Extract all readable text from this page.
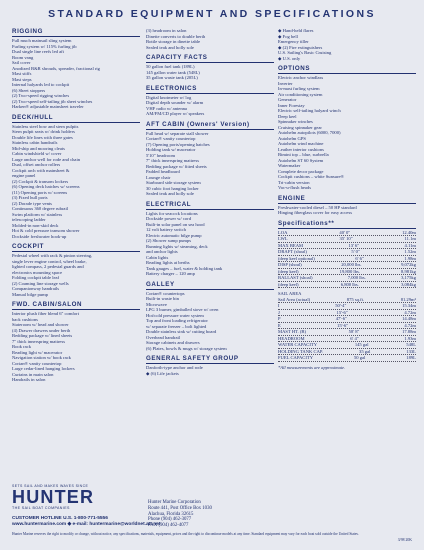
STANDARD EQUIPMENT AND SPECIFICATIONS
RIGGING
Full much mainsail sling system
Furling system w/ 115% furling jib
Dual single line reefs led aft
Boom vang
Sail cover
Anodized B&R shrouds, spreader, fractional rig
Mast stiffs
Mast steps
Internal halyards led to cockpit
(6) Sheet stoppers
(2) Two-speed rigging winches
(2) Two-speed self-tailing jib sheet winches
Harken® adjustable mainsheet traveler
DECK/HULL
Stainless steel bow and stern pulpits
Stern pulpit seats w/ drink holders
Double life lines with three gates
Stainless cabin handrails
Mid-ship and mooring cleats
Cabin windshield w/ cover
Large anchor well for rode and chain
Dual, offset anchor rollers
Cockpit arch with mainsheet &
engine panel
(2) Cockpit & transom lockers
(6) Opening deck hatches w/ screens
(11) Opening ports w/ screens
(3) Fixed hull ports
(2) Dorade type vents
Continuous 360 degree rubrail
Swim platform w/ stainless
telescoping ladder
Molded-in non-skid deck
Hot & cold pressure transom shower
Dockside freshwater hook-up
COCKPIT
Pedestal wheel with rack & pinion steering,
single lever engine control, wheel brake,
lighted compass, 2 pedestal guards and
electronics mounting space
Folding cockpit table leaf
(2) Coaming line storage wells
Companionway handrails
Manual bilge pump
FWD. CABIN/SALON
Interior plush fiber blend 6" comfort
back cushions
Stateroom w/ head and shower
(4) Drawer drawers under berth
Bedding package w/ lined sheets
7" thick innerspring mattress
Book rack
Reading light w/ macerator
Navigation station w/ book rack
Corian® vanity countertop
Large cedar-lined hanging lockers
Curtains in main salon
Handrails in salon
(3) headroom in salon
Dinette converts to double berth
Bottle storage in dinette table
Sealed teak and holly sole
CAPACITY FACTS
50 gallon fuel tank (189L)
145 gallon water tank (548L)
35 gallon waste tank (205L)
ELECTRONICS
Digital knotmeter w/ log
Digital depth sounder w/ alarm
VHF radio w/ antenna
AM/FM/CD player w/ speakers
AFT CABIN (Owners' Version)
Full head w/ separate stall shower
Corian® vanity countertop
(7) Opening ports/opening hatches
Holding tank w/ macerator
5'10" headroom
7" thick innerspring mattress
Bedding package w/ fitted sheets
Padded headboard
Lounge chair
Starboard side storage system
30 cubic foot hanging locker
Sealed teak and holly sole
ELECTRICAL
Lights for seacock locations
Dockside power w/ cord
Built-in solar panel on sea hood
12 volt battery switch
Electric automatic bilge pump
(2) Shower sump pumps
Running lights w/ steaming, deck
and anchor lights
Cabin lights
Reading lights at berths
Tank gauges – fuel, water & holding tank
Battery charger – 120 amp
GALLEY
Corian® countertops
Built-in waste bin
Microwave
LPG 3 burner, gimballed stove w/ oven
Hot/cold pressure water system
Top and front loading refrigerator
w/ separate freezer – bolt lighted
Double stainless sink w/ cutting board
Overhead handrail
Storage cabinets and drawers
(6) Plates, bowls & mugs w/ storage system
GENERAL SAFETY GROUP
Danforth-type anchor and rode
◆ (6) Life jackets
◆ Hand-held flares
◆ Fog bell
Emergency tiller
◆ (2) Fire extinguishers
U.S. Sailing's Basic Cruising
◆ U.S. only
OPTIONS
Electric anchor windlass
Inverter
In-mast furling system
Air conditioning system
Generator
Inner Forestay
Electric self-tailing halyard winch
Deep keel
Spinnaker winches
Cruising spinnaker gear
Autohelm autopilots (6000, 7000)
Autohelm GPS
Autohelm wind machine
Leather interior cushions
Bimini top – blue, surbrella
Autohelm ST 60 System
Watermaker
Complete decor package
Cockpit cushions – white Sunsure®
Tri-cabin version
Vac-u-flush heads
ENGINE
Freshwater-cooled diesel – 50 HP standard
Hinging fiberglass cover for easy access
Specifications**
LOA	40' 0"	12.40m
LWL	35' 10"	11.1m
MAX BEAM	13' 6"	4.11m
DRAFT (shoal)	5' 0"	1.52m
(deep keel optional)	6' 6"	1.98m
DISP (shoal)	20,000 lbs.	9,072kg
(deep keel)	19,800 lbs.	8,981kg
BALLAST (shoal)	7,000 lbs.	3,175kg
(deep keel)	6,800 lbs.	3,084kg
SAIL AREA
Sail Area (actual)	875 sq.ft.	81.29m²
I	50'-4"	15.34m
J	15'-6"	4.72m
P	47'-6"	14.48m
E	15'-6"	4.72m
MAST HT. (B)	58' 8"	17.88m
HEADROOM	6' 4"	1.93m
WATER CAPACITY	145 gal	548L
HOLDING TANK CAP.	35 gal	133L
FUEL CAPACITY	50 gal	189L
*All measurements are approximate.
SETS SAIL AND MAKES WAVES SINCE
HUNTER
THE SAIL BOAT COMPANIES
Hunter Marine Corporation
Route 441, Post Office Box 1030
Alachua, Florida 32615
Phone (904) 462-3077
FAX (904) 462-4077
CUSTOMER HOTLINE U.S. 1-800-771-5556
www.huntermarine.com ◆ e-mail: huntermarine@worldnet.att.net
Hunter Marine reserves the right to modify or change, without notice, any specifications, materials, equipment, prices and the right to discontinue models at any time. Standard equipment may vary for each boat sold outside the United States.
3/98 20K
